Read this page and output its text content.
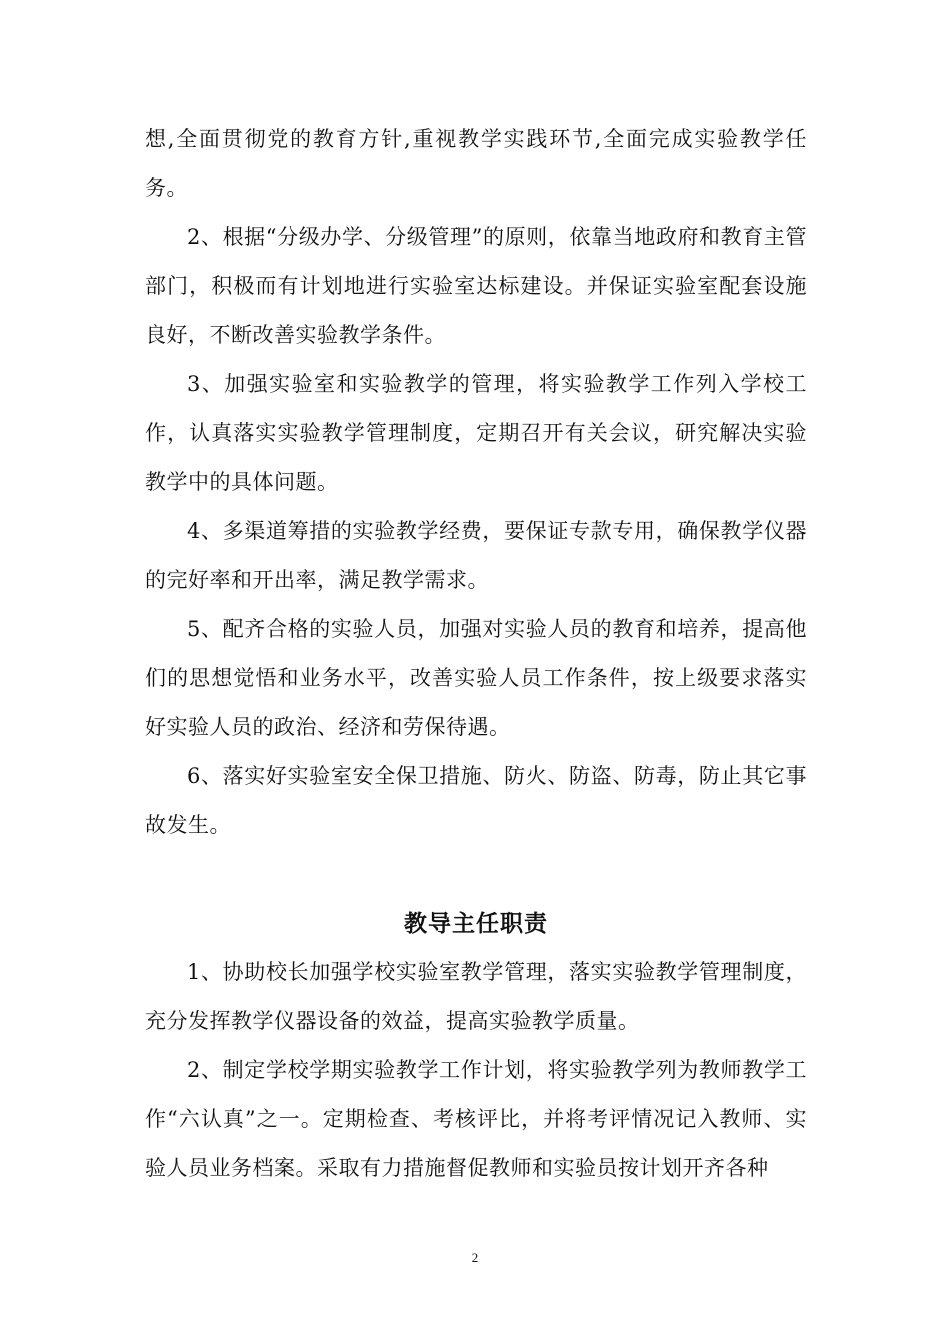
想,全面贯彻党的教育方针,重视教学实践环节,全面完成实验教学任务。

2、根据“分级办学、分级管理”的原则，依靠当地政府和教育主管部门，积极而有计划地进行实验室达标建设。并保证实验室配套设施良好，不断改善实验教学条件。

3、加强实验室和实验教学的管理，将实验教学工作列入学校工作，认真落实实验教学管理制度，定期召开有关会议，研究解决实验教学中的具体问题。

4、多渠道筹措的实验教学经费，要保证专款专用，确保教学仪器的完好率和开出率，满足教学需求。

5、配齐合格的实验人员，加强对实验人员的教育和培养，提高他们的思想觉悟和业务水平，改善实验人员工作条件，按上级要求落实好实验人员的政治、经济和劳保待遇。

6、落实好实验室安全保卫措施、防火、防盗、防毒，防止其它事故发生。

教导主任职责

1、协助校长加强学校实验室教学管理，落实实验教学管理制度，充分发挥教学仪器设备的效益，提高实验教学质量。

2、制定学校学期实验教学工作计划，将实验教学列为教师教学工作“六认真”之一。定期检查、考核评比，并将考评情况记入教师、实验人员业务档案。采取有力措施督促教师和实验员按计划开齐各种

2
